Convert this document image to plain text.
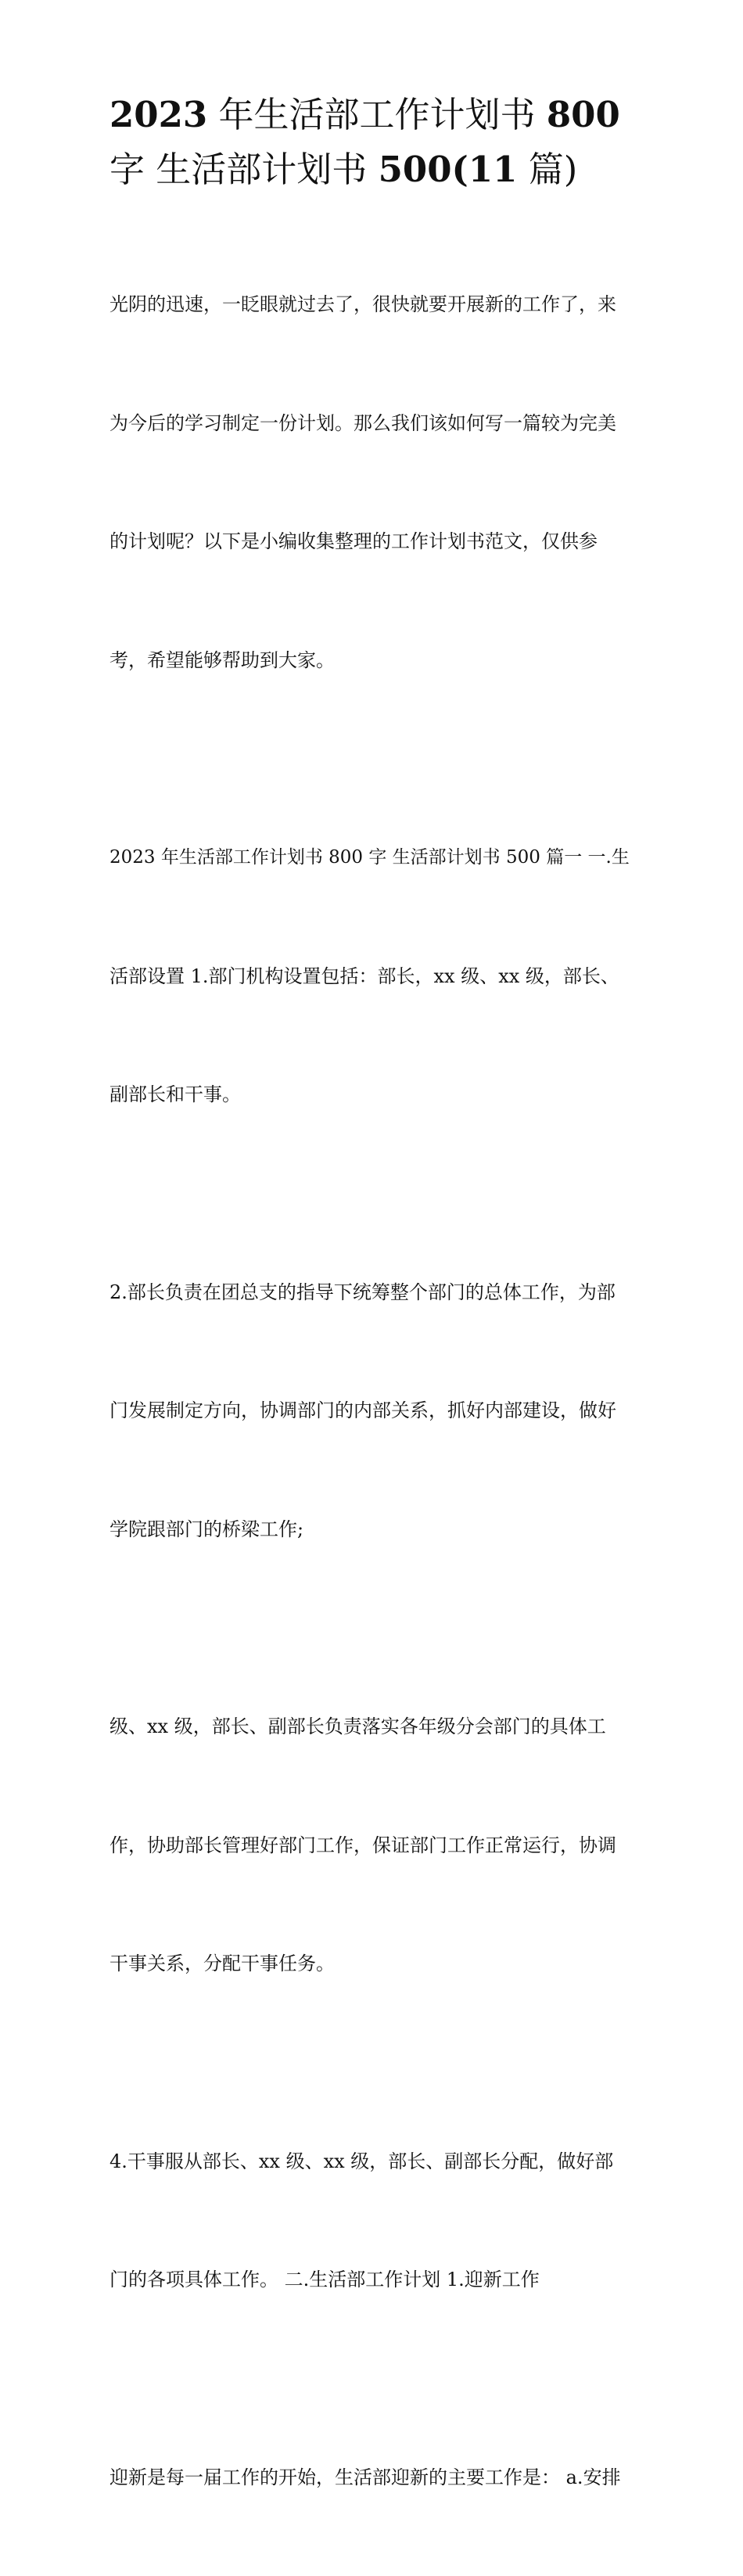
2023 年生活部工作计划书 800
字 生活部计划书 500(11 篇)

光阴的迅速，一眨眼就过去了，很快就要开展新的工作了，来

为今后的学习制定一份计划。那么我们该如何写一篇较为完美

的计划呢？以下是小编收集整理的工作计划书范文，仅供参

考，希望能够帮助到大家。

2023 年生活部工作计划书 800 字 生活部计划书 500 篇一 一.生

活部设置 1.部门机构设置包括：部长，xx 级、xx 级，部长、

副部长和干事。

2.部长负责在团总支的指导下统筹整个部门的总体工作，为部

门发展制定方向，协调部门的内部关系，抓好内部建设，做好

学院跟部门的桥梁工作;

级、xx 级，部长、副部长负责落实各年级分会部门的具体工

作，协助部长管理好部门工作，保证部门工作正常运行，协调

干事关系，分配干事任务。

4.干事服从部长、xx 级、xx 级，部长、副部长分配，做好部

门的各项具体工作。 二.生活部工作计划 1.迎新工作

迎新是每一届工作的开始，生活部迎新的主要工作是： a.安排
